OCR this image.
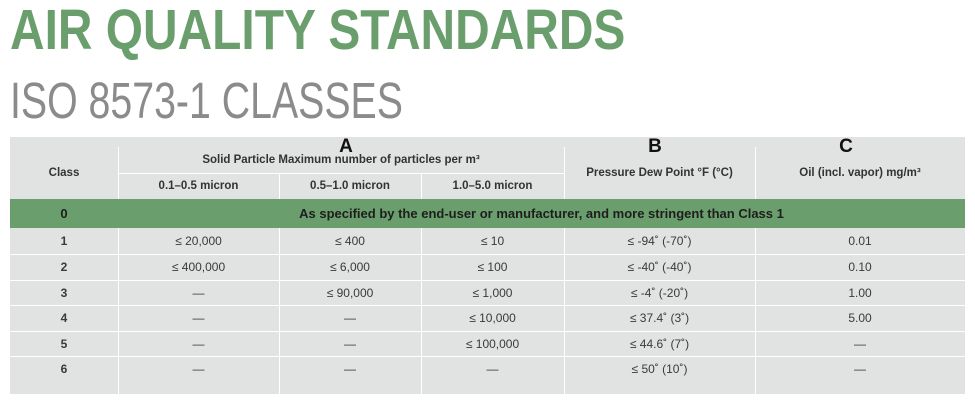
AIR QUALITY STANDARDS
ISO 8573-1 CLASSES
A	B	C
Class
Solid Particle Maximum number of particles per m³
0.1–0.5 micron	0.5–1.0 micron	1.0–5.0 micron
Pressure Dew Point °F (°C)	Oil (incl. vapor) mg/m³
0	As specified by the end-user or manufacturer, and more stringent than Class 1
1	≤ 20,000	≤ 400	≤ 10	≤ -94˚ (-70˚)	0.01
2	≤ 400,000	≤ 6,000	≤ 100	≤ -40˚ (-40˚)	0.10
3	—	≤ 90,000	≤ 1,000	≤ -4˚ (-20˚)	1.00
4	—	—	≤ 10,000	≤ 37.4˚ (3˚)	5.00
5	—	—	≤ 100,000	≤ 44.6˚ (7˚)	—
6	—	—	—	≤ 50˚ (10˚)	—
